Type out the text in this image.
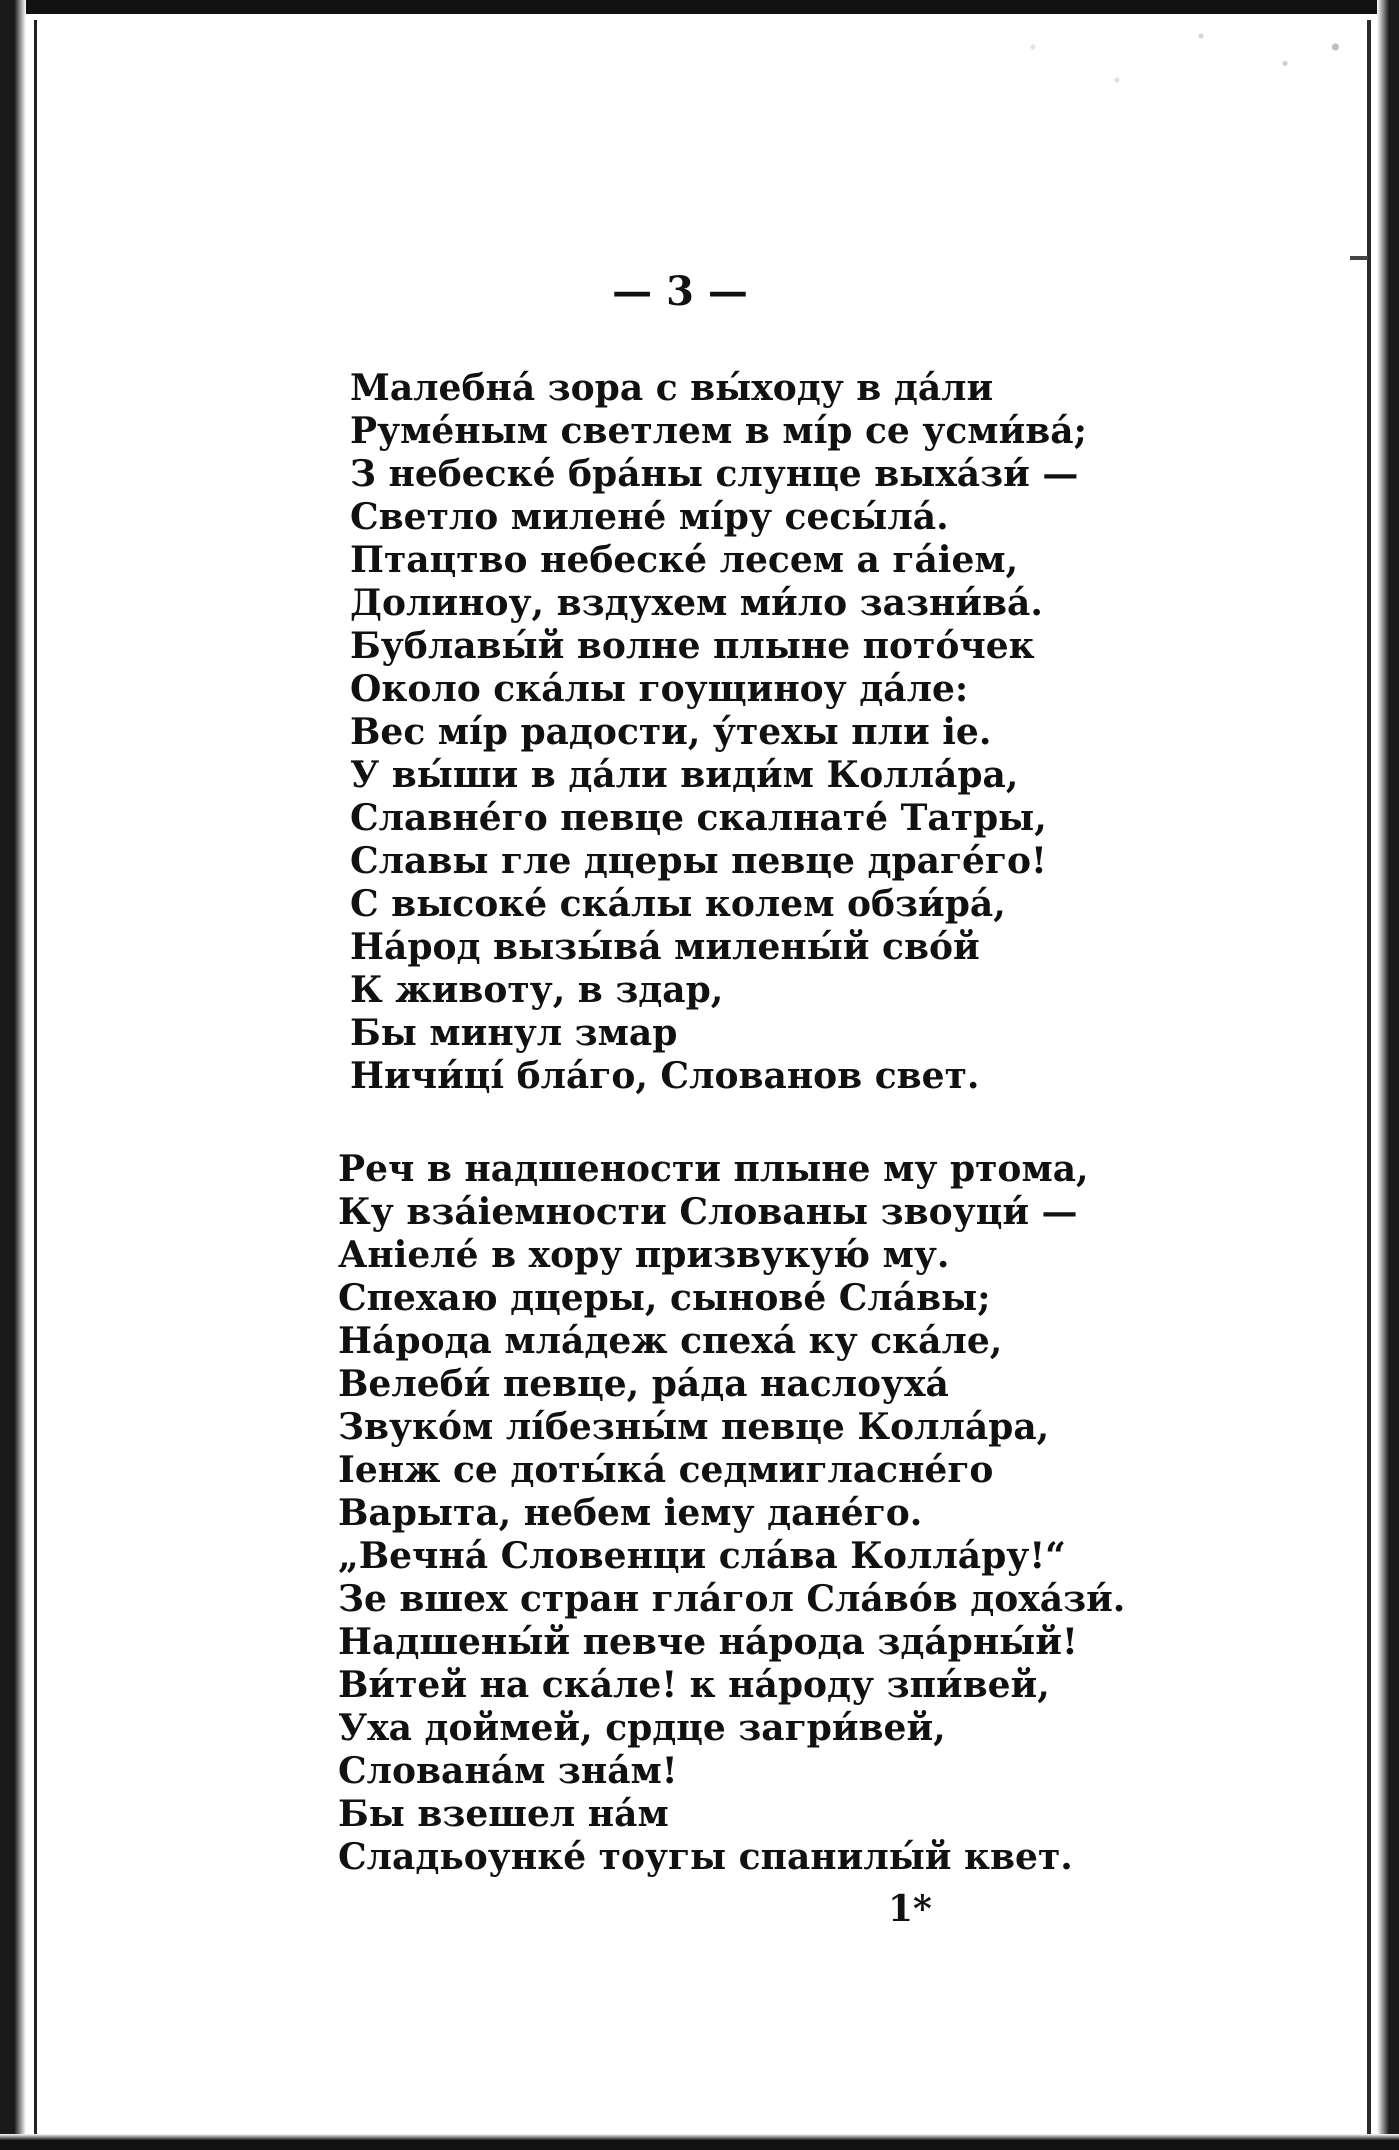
— 3 —
Малебна́ зора с вы́ходу в да́ли
Руме́ным светлем в мі́р се усми́ва́;
З небеске́ бра́ны слунце выха́зи́ —
Светло милене́ мі́ру сесы́ла́.
Птацтво небеске́ лесем а га́іем,
Долиноу, вздухем ми́ло зазни́ва́.
Бублавы́й волне плыне пото́чек
Около ска́лы гоущиноу да́ле:
Вес мі́р радости, у́техы пли іе.
У вы́ши в да́ли види́м Колла́ра,
Славне́го певце скалнате́ Татры,
Славы гле дцеры певце драге́го!
С высоке́ ска́лы колем обзи́ра́,
На́род вызы́ва́ милены́й сво́й
К животу, в здар,
Бы минул змар
Ничи́ці́ бла́го, Слованов свет.
Реч в надшености плыне му ртома,
Ку вза́іемности Слованы звоуци́ —
Аніеле́ в хору призвукую́ му.
Спехаю дцеры, сынове́ Сла́вы;
На́рода мла́деж спеха́ ку ска́ле,
Велеби́ певце, ра́да наслоуха́
Звуко́м лі́безны́м певце Колла́ра,
Іенж се доты́ка́ седмигласне́го
Варыта, небем іему дане́го.
„Вечна́ Словенци сла́ва Колла́ру!“
Зе вшех стран гла́гол Сла́во́в доха́зи́.
Надшены́й певче на́рода зда́рны́й!
Ви́тей на ска́ле! к на́роду зпи́вей,
Уха доймей, срдце загри́вей,
Слована́м зна́м!
Бы взешел на́м
Сладьоунке́ тоугы спанилы́й квет.
1*
